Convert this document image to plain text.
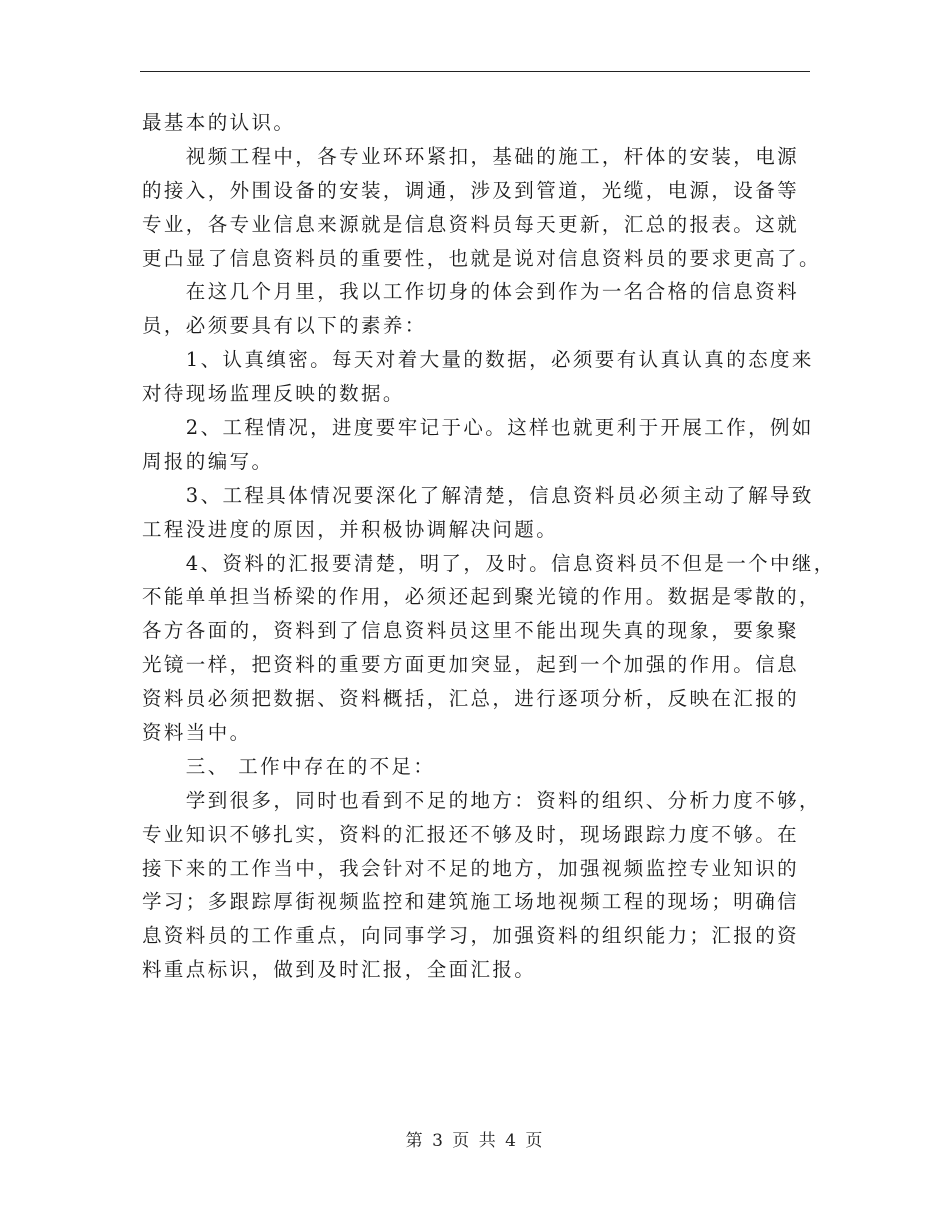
最基本的认识。
视频工程中，各专业环环紧扣，基础的施工，杆体的安装，电源
的接入，外围设备的安装，调通，涉及到管道，光缆，电源，设备等
专业，各专业信息来源就是信息资料员每天更新，汇总的报表。这就
更凸显了信息资料员的重要性，也就是说对信息资料员的要求更高了。
在这几个月里，我以工作切身的体会到作为一名合格的信息资料
员，必须要具有以下的素养：
1、认真缜密。每天对着大量的数据，必须要有认真认真的态度来
对待现场监理反映的数据。
2、工程情况，进度要牢记于心。这样也就更利于开展工作，例如
周报的编写。
3、工程具体情况要深化了解清楚，信息资料员必须主动了解导致
工程没进度的原因，并积极协调解决问题。
4、资料的汇报要清楚，明了，及时。信息资料员不但是一个中继，
不能单单担当桥梁的作用，必须还起到聚光镜的作用。数据是零散的，
各方各面的，资料到了信息资料员这里不能出现失真的现象，要象聚
光镜一样，把资料的重要方面更加突显，起到一个加强的作用。信息
资料员必须把数据、资料概括，汇总，进行逐项分析，反映在汇报的
资料当中。
三、 工作中存在的不足：
学到很多，同时也看到不足的地方：资料的组织、分析力度不够，
专业知识不够扎实，资料的汇报还不够及时，现场跟踪力度不够。在
接下来的工作当中，我会针对不足的地方，加强视频监控专业知识的
学习；多跟踪厚街视频监控和建筑施工场地视频工程的现场；明确信
息资料员的工作重点，向同事学习，加强资料的组织能力；汇报的资
料重点标识，做到及时汇报，全面汇报。
第 3 页 共 4 页
